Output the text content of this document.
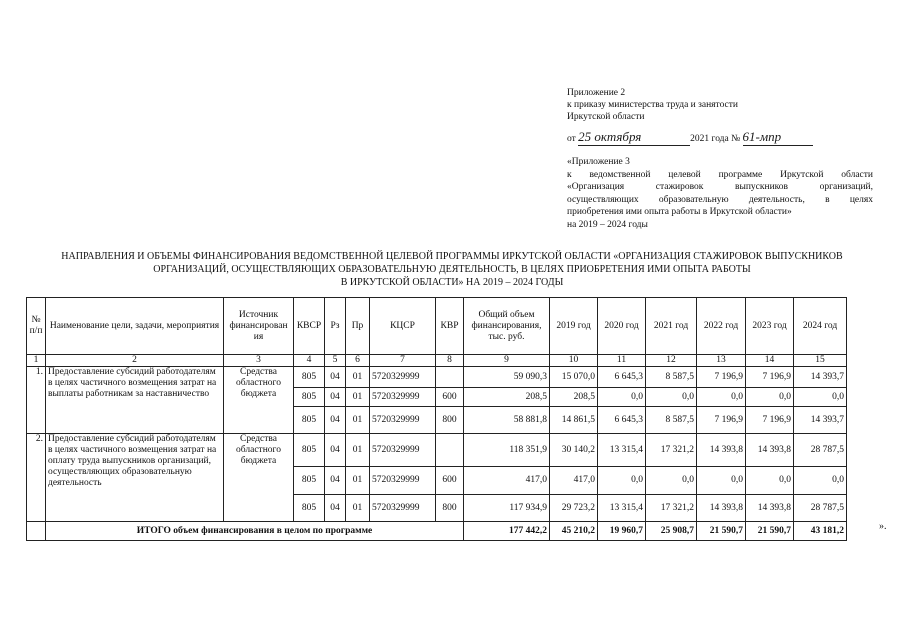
Приложение 2
к приказу министерства труда и занятости
Иркутской области
от 25 октября	2021 года № 61-мпр
«Приложение 3
к ведомственной целевой программе Иркутской области
«Организация стажировок выпускников организаций,
осуществляющих образовательную деятельность, в целях
приобретения ими опыта работы в Иркутской области»
на 2019 – 2024 годы
НАПРАВЛЕНИЯ И ОБЪЕМЫ ФИНАНСИРОВАНИЯ ВЕДОМСТВЕННОЙ ЦЕЛЕВОЙ ПРОГРАММЫ ИРКУТСКОЙ ОБЛАСТИ «ОРГАНИЗАЦИЯ СТАЖИРОВОК ВЫПУСКНИКОВ
ОРГАНИЗАЦИЙ, ОСУЩЕСТВЛЯЮЩИХ ОБРАЗОВАТЕЛЬНУЮ ДЕЯТЕЛЬНОСТЬ, В ЦЕЛЯХ ПРИОБРЕТЕНИЯ ИМИ ОПЫТА РАБОТЫ
В ИРКУТСКОЙ ОБЛАСТИ» НА 2019 – 2024 ГОДЫ
№ п/п	Наименование цели, задачи, мероприятия	Источник финансирован ия	КВСР	Рз	Пр	КЦСР	КВР	Общий объем финансирования, тыс. руб.	2019 год	2020 год	2021 год	2022 год	2023 год	2024 год
1	2	3	4	5	6	7	8	9	10	11	12	13	14	15
1.	Предоставление субсидий работодателям в целях частичного возмещения затрат на выплаты работникам за наставничество	Средства областного бюджета	805	04	01	5720329999		59 090,3	15 070,0	6 645,3	8 587,5	7 196,9	7 196,9	14 393,7
			805	04	01	5720329999	600	208,5	208,5	0,0	0,0	0,0	0,0	0,0
			805	04	01	5720329999	800	58 881,8	14 861,5	6 645,3	8 587,5	7 196,9	7 196,9	14 393,7
2.	Предоставление субсидий работодателям в целях частичного возмещения затрат на оплату труда выпускников организаций, осуществляющих образовательную деятельность	Средства областного бюджета	805	04	01	5720329999		118 351,9	30 140,2	13 315,4	17 321,2	14 393,8	14 393,8	28 787,5
			805	04	01	5720329999	600	417,0	417,0	0,0	0,0	0,0	0,0	0,0
			805	04	01	5720329999	800	117 934,9	29 723,2	13 315,4	17 321,2	14 393,8	14 393,8	28 787,5
	ИТОГО объем финансирования в целом по программе							177 442,2	45 210,2	19 960,7	25 908,7	21 590,7	21 590,7	43 181,2	».
